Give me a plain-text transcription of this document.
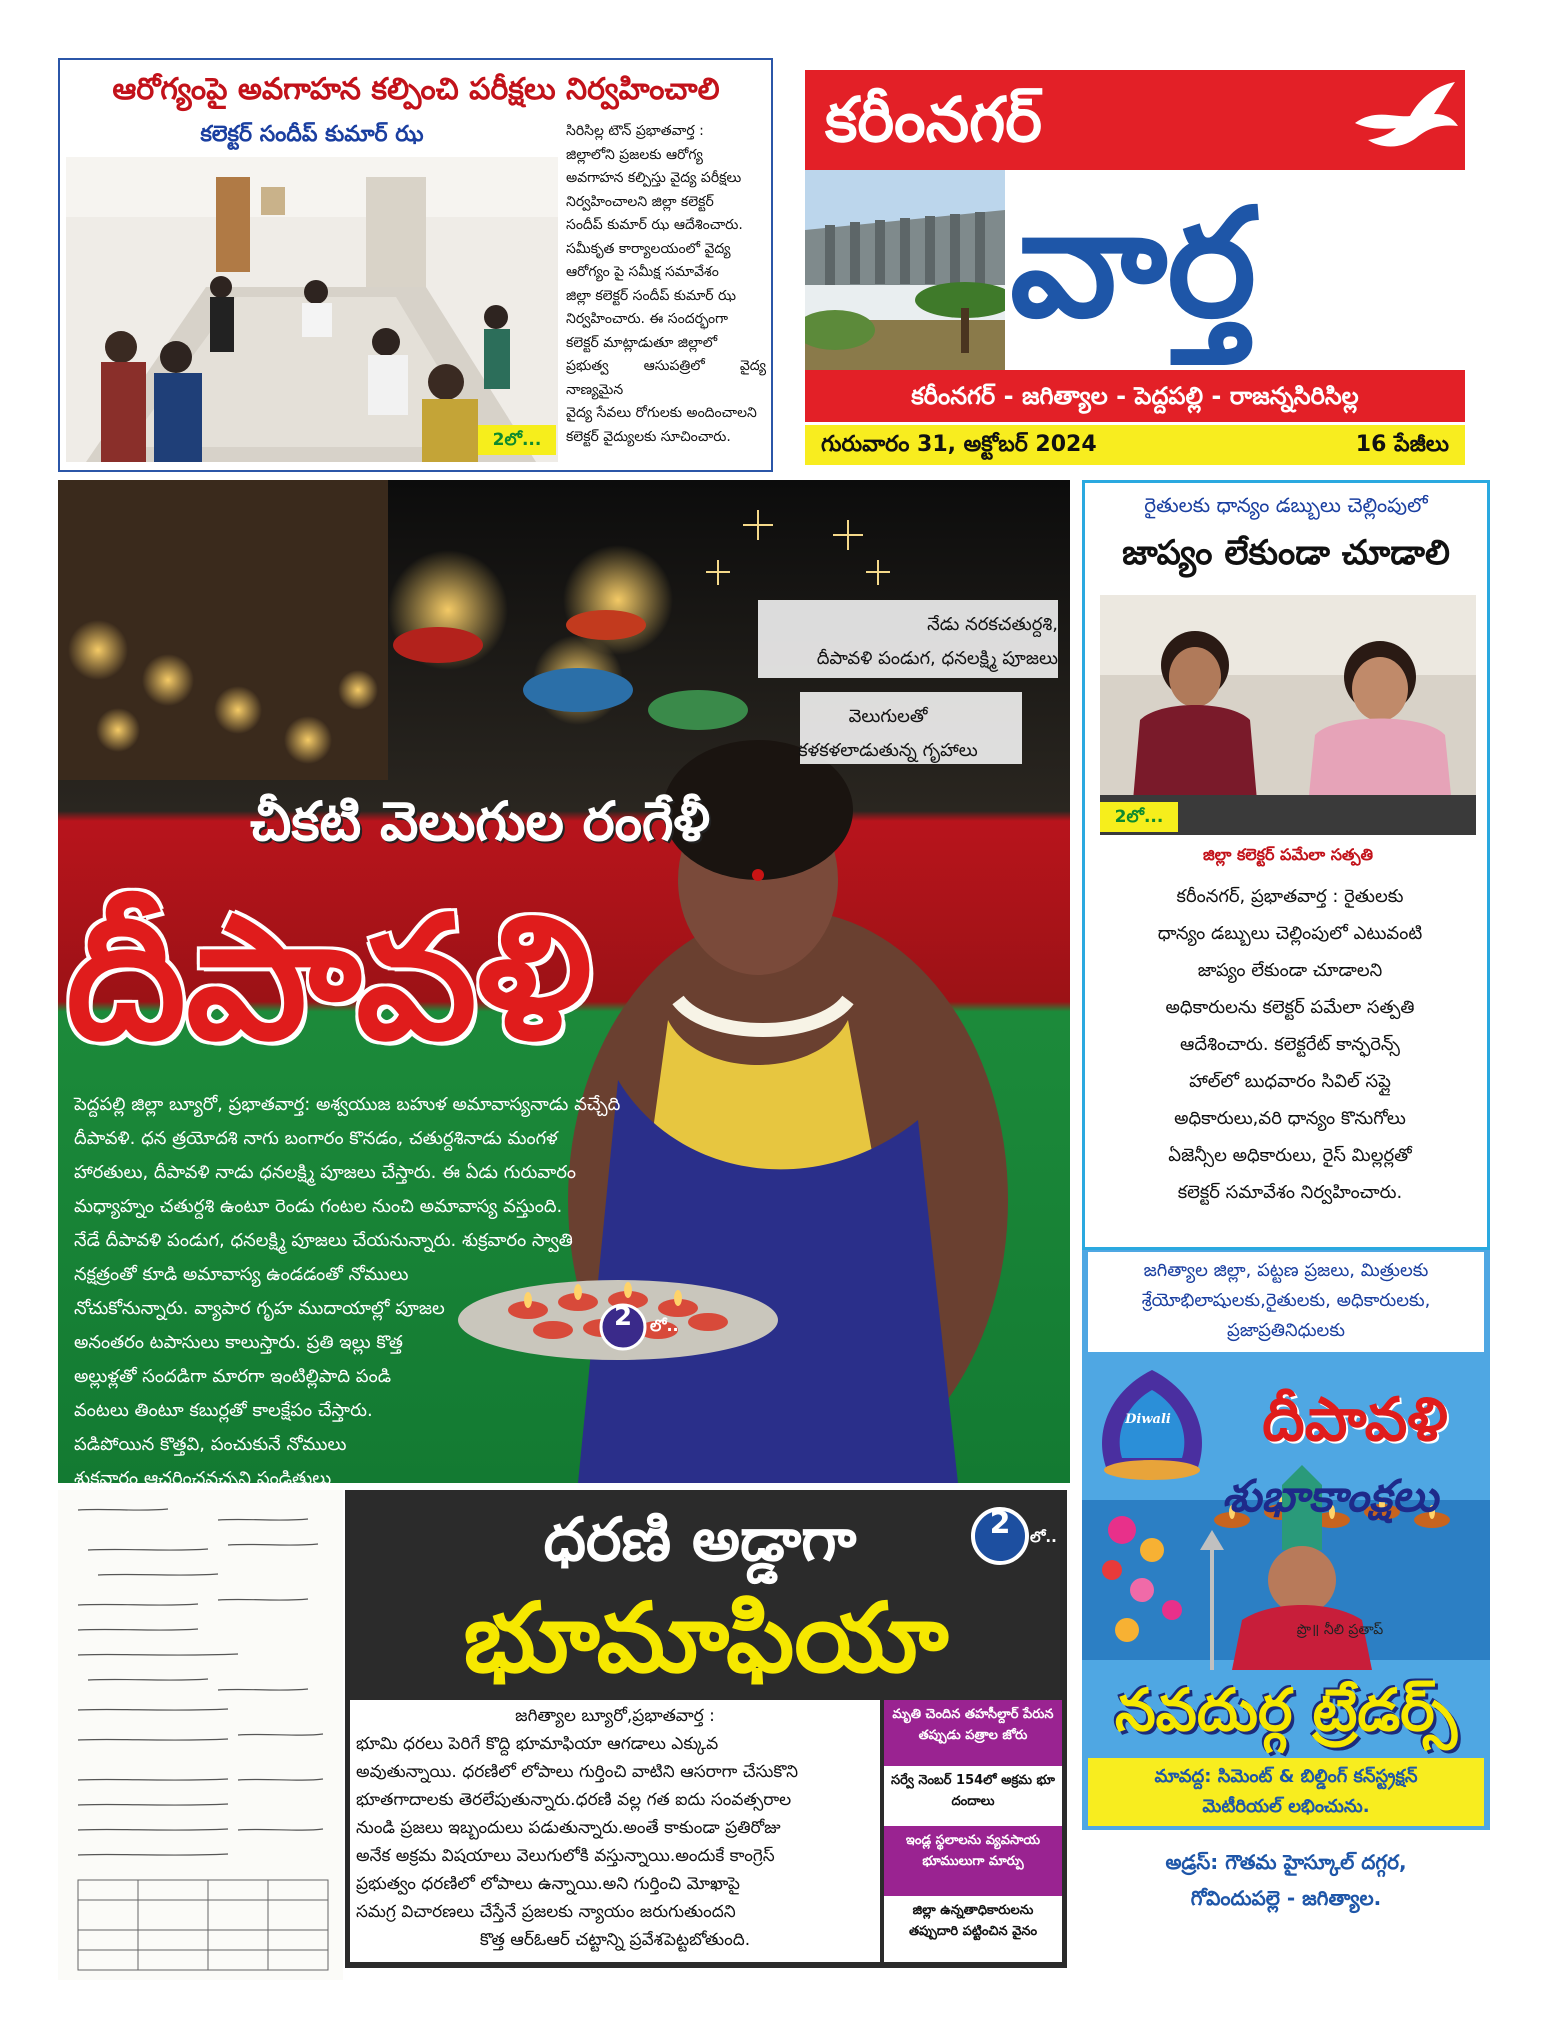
ఆరోగ్యంపై అవగాహన కల్పించి పరీక్షలు నిర్వహించాలి
కలెక్టర్ సందీప్ కుమార్ ఝ	సిరిసిల్ల టౌన్ ప్రభాతవార్త :
జిల్లాలోని ప్రజలకు ఆరోగ్య
అవగాహన కల్పిస్తు వైద్య పరీక్షలు
నిర్వహించాలని జిల్లా కలెక్టర్
సందీప్ కుమార్ ఝ ఆదేశించారు.
సమీకృత కార్యాలయంలో వైద్య
ఆరోగ్యం పై సమీక్ష సమావేశం
జిల్లా కలెక్టర్ సందీప్ కుమార్ ఝ
నిర్వహించారు. ఈ సందర్భంగా
కలెక్టర్ మాట్లాడుతూ జిల్లాలో
ప్రభుత్వ ఆసుపత్రిలో వైద్య నాణ్యమైన
వైద్య సేవలు రోగులకు అందించాలని
కలెక్టర్ వైద్యులకు సూచించారు.
2లో...
కరీంనగర్
వార్త
కరీంనగర్ - జగిత్యాల - పెద్దపల్లి - రాజన్నసిరిసిల్ల
గురువారం 31, అక్టోబర్ 2024	16 పేజీలు
నేడు నరకచతుర్దశి,
దీపావళి పండుగ, ధనలక్ష్మి పూజలు
వెలుగులతో
కళకళలాడుతున్న గృహాలు
చీకటి వెలుగుల రంగేళీ
దీపావళి
పెద్దపల్లి జిల్లా బ్యూరో, ప్రభాతవార్త: అశ్వయుజ బహుళ అమావాస్యనాడు వచ్చేది
దీపావళి. ధన త్రయోదశి నాగు బంగారం కొనడం, చతుర్దశినాడు మంగళ
హారతులు, దీపావళి నాడు ధనలక్ష్మి పూజలు చేస్తారు. ఈ ఏడు గురువారం
మధ్యాహ్నం చతుర్దశి ఉంటూ రెండు గంటల నుంచి అమావాస్య వస్తుంది.
నేడే దీపావళి పండుగ, ధనలక్ష్మి పూజలు చేయనున్నారు. శుక్రవారం స్వాతి
నక్షత్రంతో కూడి అమావాస్య ఉండడంతో నోములు
నోచుకోనున్నారు. వ్యాపార గృహ ముదాయాల్లో పూజల
అనంతరం టపాసులు కాలుస్తారు. ప్రతి ఇల్లు కొత్త
అల్లుళ్లతో సందడిగా మారగా ఇంటిల్లిపాది పండి
వంటలు తింటూ కబుర్లతో కాలక్షేపం చేస్తారు.
పడిపోయిన కొత్తవి, పంచుకునే నోములు
శుక్రవారం ఆచరించవచ్చని పండితులు
2	లో..
రైతులకు ధాన్యం డబ్బులు చెల్లింపులో
జాప్యం లేకుండా చూడాలి
2లో...
జిల్లా కలెక్టర్ పమేలా సత్పతి
కరీంనగర్, ప్రభాతవార్త : రైతులకు
ధాన్యం డబ్బులు చెల్లింపులో ఎటువంటి
జాప్యం లేకుండా చూడాలని
అధికారులను కలెక్టర్ పమేలా సత్పతి
ఆదేశించారు. కలెక్టరేట్ కాన్ఫరెన్స్
హాల్‌లో బుధవారం సివిల్ సప్లై
అధికారులు,వరి ధాన్యం కొనుగోలు
ఏజెన్సీల అధికారులు, రైస్ మిల్లర్లతో
కలెక్టర్ సమావేశం నిర్వహించారు.
జగిత్యాల జిల్లా, పట్టణ ప్రజలు, మిత్రులకు
శ్రేయోభిలాషులకు,రైతులకు, అధికారులకు,
ప్రజాప్రతినిధులకు
Diwali	దీపావళి
శుభాకాంక్షలు
ప్రొ॥ నీలి ప్రతాప్
నవదుర్గ ట్రేడర్స్
మావద్ద: సిమెంట్ & బిల్డింగ్ కన్‌స్ట్రక్షన్
మెటీరియల్ లభించును.
అడ్రస్: గౌతమ హైస్కూల్ దగ్గర,
గోవిందుపల్లె - జగిత్యాల.
ధరణి అడ్డాగా	2	లో..
భూమాఫియా
జగిత్యాల బ్యూరో,ప్రభాతవార్త :
భూమి ధరలు పెరిగే కొద్ది భూమాఫియా ఆగడాలు ఎక్కువ
అవుతున్నాయి. ధరణిలో లోపాలు గుర్తించి వాటిని ఆసరాగా చేసుకొని
భూతగాదాలకు తెరలేపుతున్నారు.ధరణి వల్ల గత ఐదు సంవత్సరాల
నుండి ప్రజలు ఇబ్బందులు పడుతున్నారు.అంతే కాకుండా ప్రతిరోజు
అనేక అక్రమ విషయాలు వెలుగులోకి వస్తున్నాయి.అందుకే కాంగ్రెస్
ప్రభుత్వం ధరణిలో లోపాలు ఉన్నాయి.అని గుర్తించి మోఖాపై
సమగ్ర విచారణలు చేస్తేనే ప్రజలకు న్యాయం జరుగుతుందని
కొత్త ఆర్ఓఆర్ చట్టాన్ని ప్రవేశపెట్టబోతుంది.
మృతి చెందిన తహసీల్దార్ పేరున తప్పుడు పత్రాల జోరు
సర్వే నెంబర్ 154లో అక్రమ భూ దందాలు
ఇండ్ల స్థలాలను వ్యవసాయ భూములుగా మార్పు
జిల్లా ఉన్నతాధికారులను తప్పుదారి పట్టించిన వైనం
